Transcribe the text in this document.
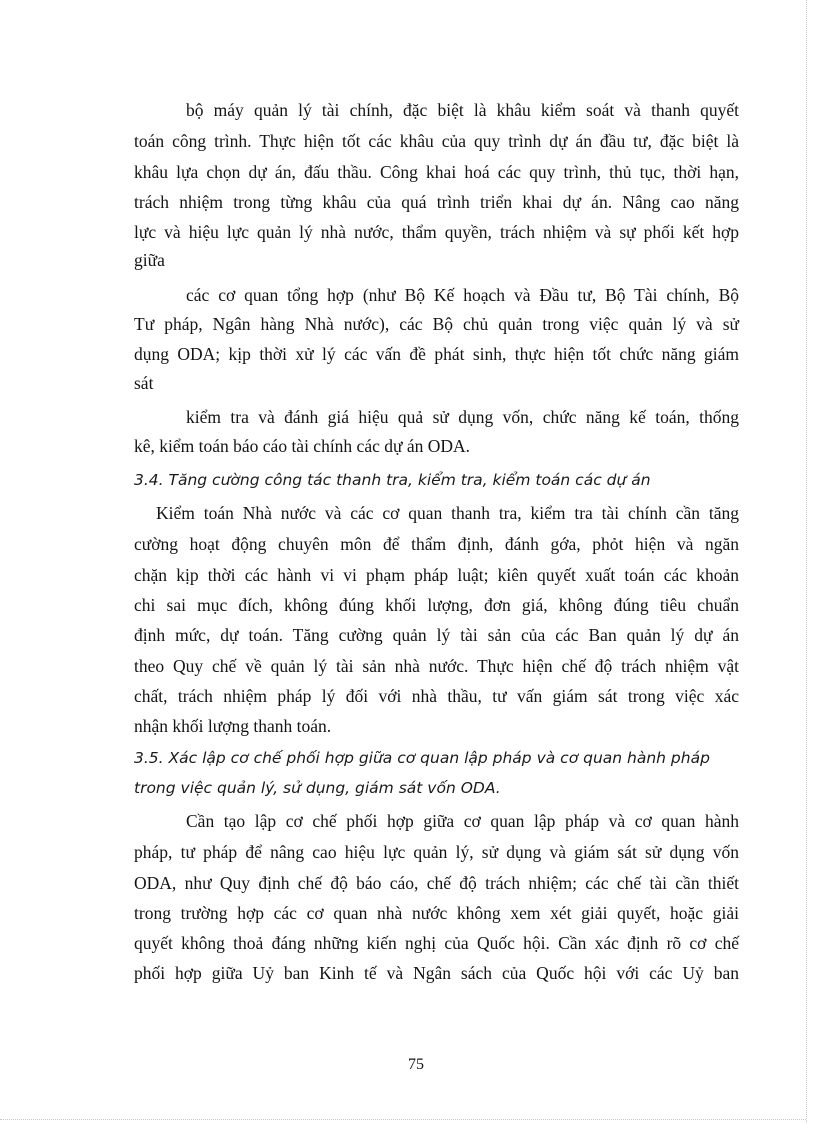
bộ máy quản lý tài chính, đặc biệt là khâu kiểm soát và thanh quyết
toán công trình. Thực hiện tốt các khâu của quy trình dự án đầu tư, đặc biệt là
khâu lựa chọn dự án, đấu thầu. Công khai hoá các quy trình, thủ tục, thời hạn,
trách nhiệm trong từng khâu của quá trình triển khai dự án. Nâng cao năng
lực và hiệu lực quản lý nhà nước, thẩm quyền, trách nhiệm và sự phối kết hợp
giữa
các cơ quan tổng hợp (như Bộ Kế hoạch và Đầu tư, Bộ Tài chính, Bộ
Tư pháp, Ngân hàng Nhà nước), các Bộ chủ quản trong việc quản lý và sử
dụng ODA; kịp thời xử lý các vấn đề phát sinh, thực hiện tốt chức năng giám
sát
kiểm tra và đánh giá hiệu quả sử dụng vốn, chức năng kế toán, thống
kê, kiểm toán báo cáo tài chính các dự án ODA.
3.4. Tăng cường công tác thanh tra, kiểm tra, kiểm toán các dự án
Kiểm toán Nhà nước và các cơ quan thanh tra, kiểm tra tài chính cần tăng
cường hoạt động chuyên môn để thẩm định, đánh gớa, phỏt hiện và ngăn
chặn kịp thời các hành vi vi phạm pháp luật; kiên quyết xuất toán các khoản
chi sai mục đích, không đúng khối lượng, đơn giá, không đúng tiêu chuẩn
định mức, dự toán. Tăng cường quản lý tài sản của các Ban quản lý dự án
theo Quy chế về quản lý tài sản nhà nước. Thực hiện chế độ trách nhiệm vật
chất, trách nhiệm pháp lý đối với nhà thầu, tư vấn giám sát trong việc xác
nhận khối lượng thanh toán.
3.5. Xác lập cơ chế phối hợp giữa cơ quan lập pháp và cơ quan hành pháp
trong việc quản lý, sử dụng, giám sát vốn ODA.
Cần tạo lập cơ chế phối hợp giữa cơ quan lập pháp và cơ quan hành
pháp, tư pháp để nâng cao hiệu lực quản lý, sử dụng và giám sát sử dụng vốn
ODA, như Quy định chế độ báo cáo, chế độ trách nhiệm; các chế tài cần thiết
trong trường hợp các cơ quan nhà nước không xem xét giải quyết, hoặc giải
quyết không thoả đáng những kiến nghị của Quốc hội. Cần xác định rõ cơ chế
phối hợp giữa Uỷ ban Kinh tế và Ngân sách của Quốc hội với các Uỷ ban
75
